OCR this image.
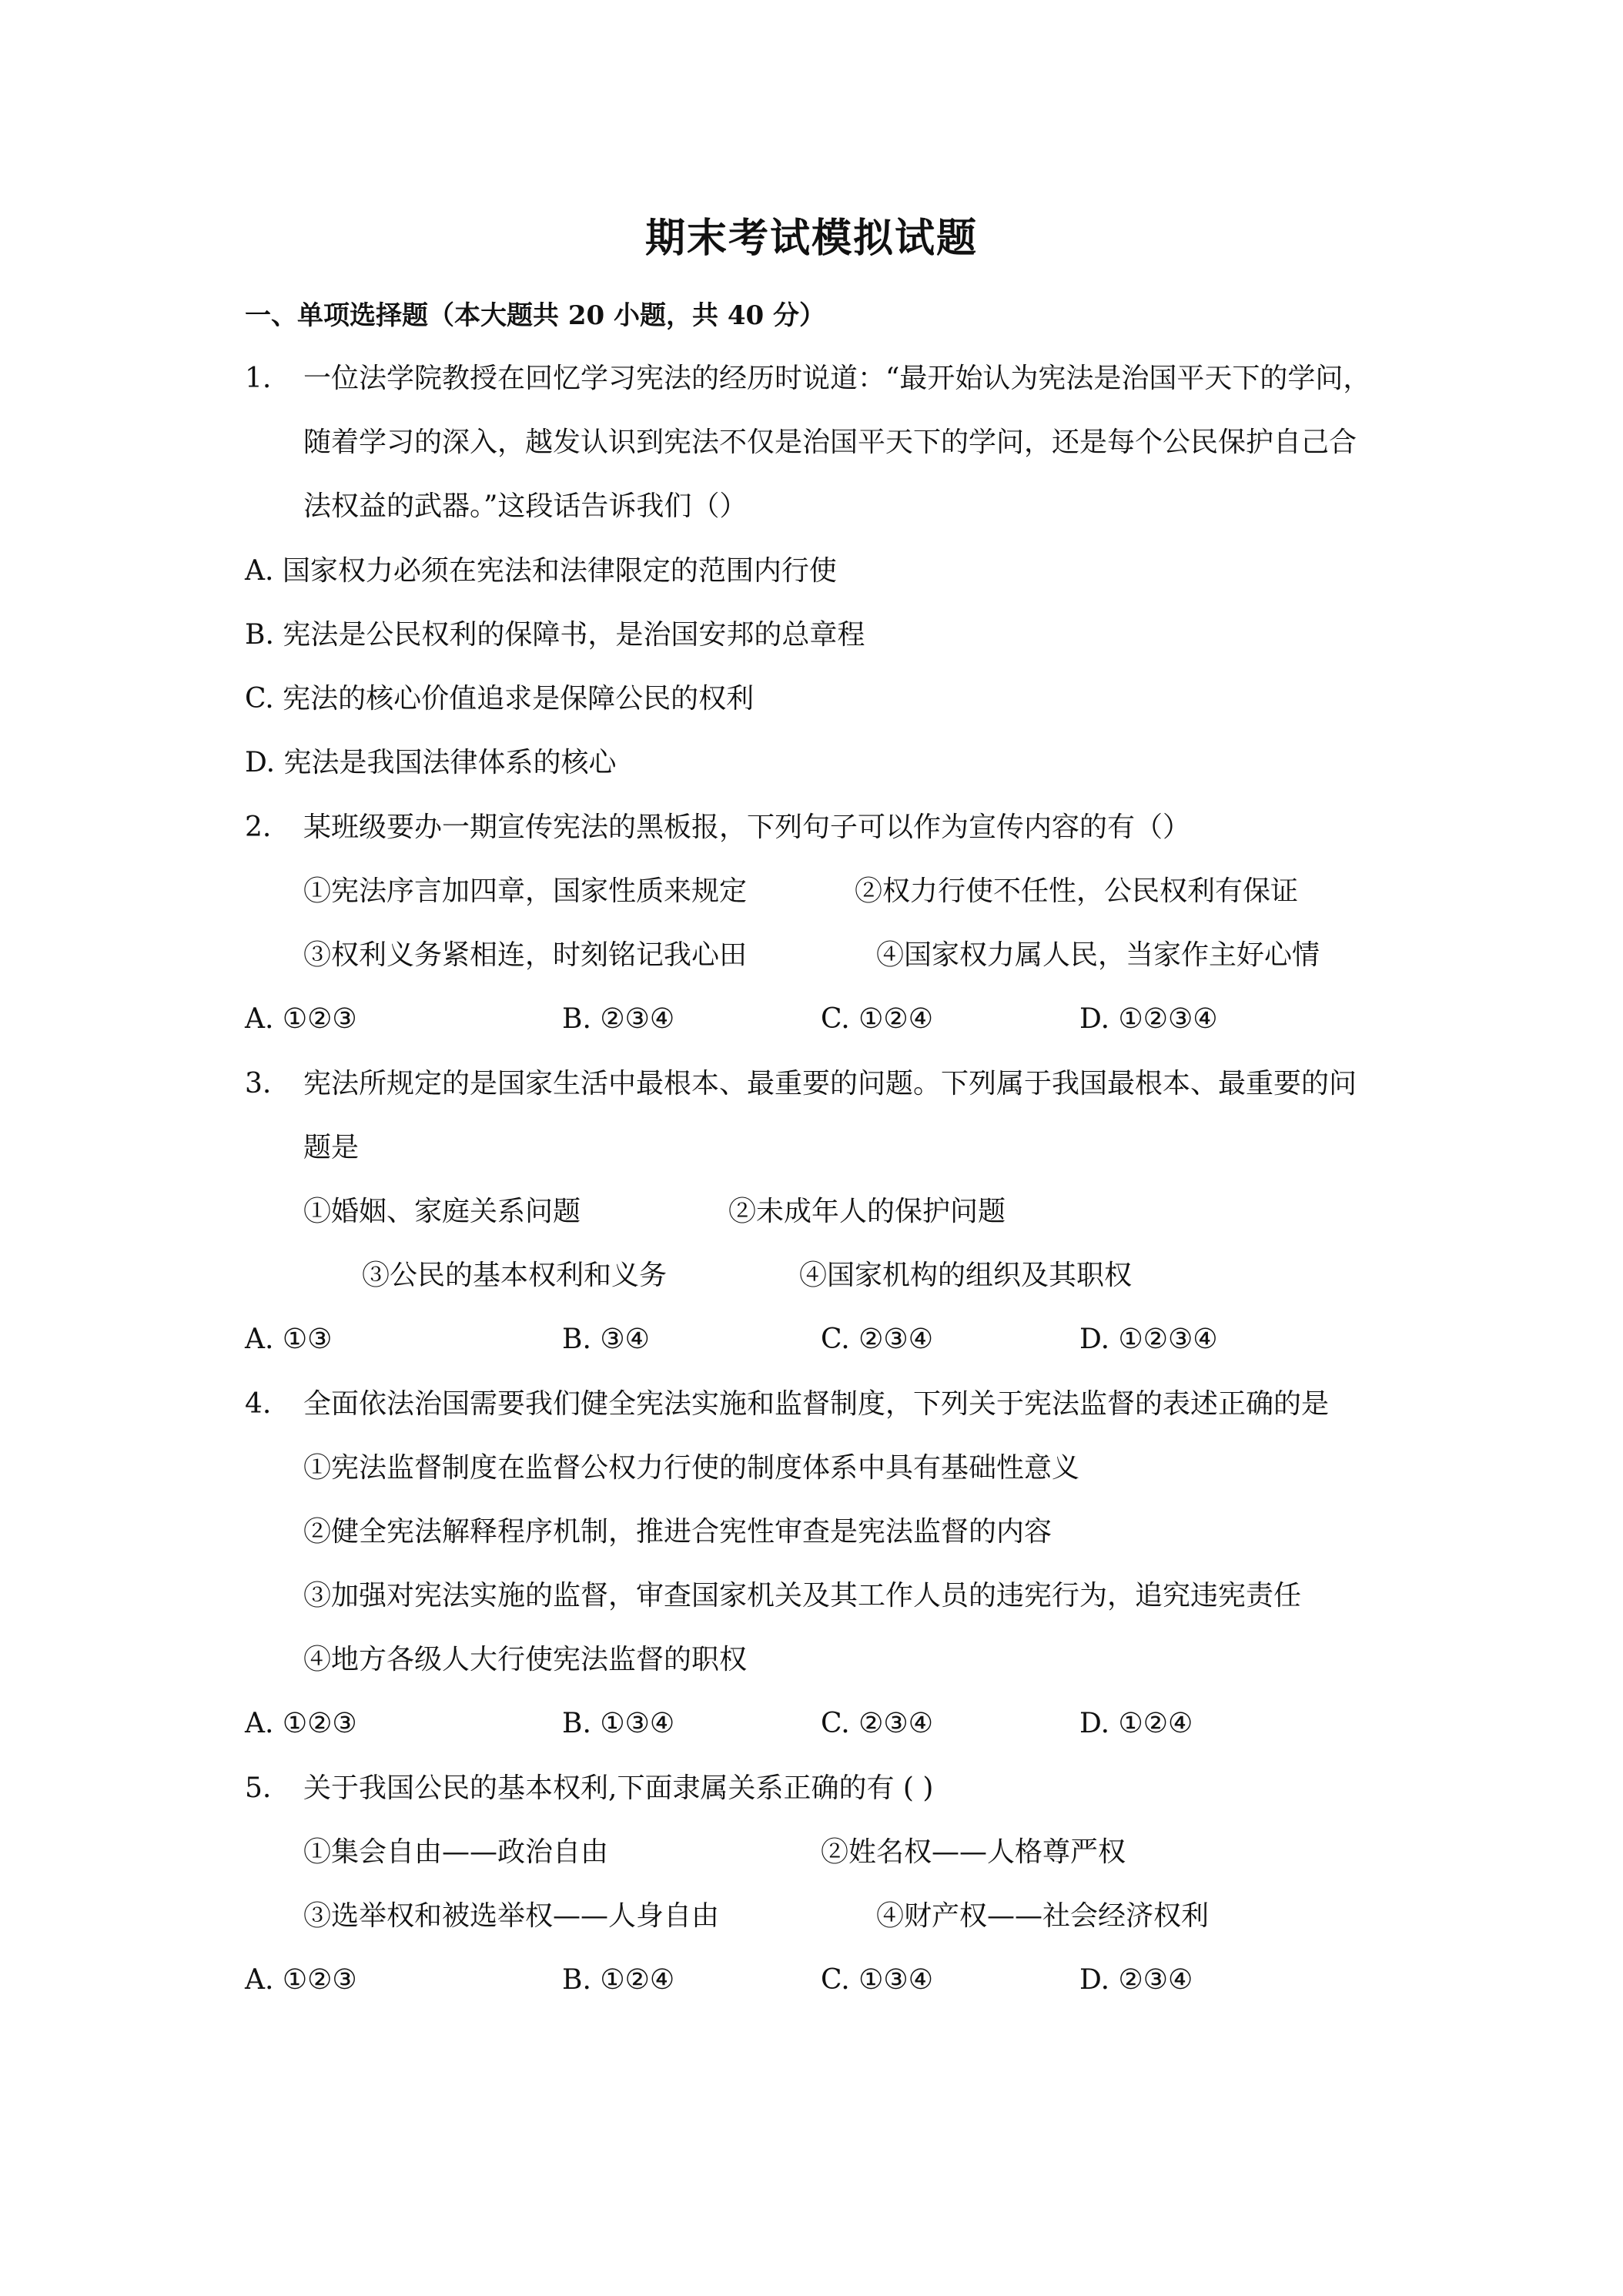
期末考试模拟试题
一、单项选择题（本大题共 20 小题，共 40 分）
1. 一位法学院教授在回忆学习宪法的经历时说道：“最开始认为宪法是治国平天下的学问，
随着学习的深入，越发认识到宪法不仅是治国平天下的学问，还是每个公民保护自己合
法权益的武器。”这段话告诉我们（）
A. 国家权力必须在宪法和法律限定的范围内行使
B. 宪法是公民权利的保障书，是治国安邦的总章程
C. 宪法的核心价值追求是保障公民的权利
D. 宪法是我国法律体系的核心
2. 某班级要办一期宣传宪法的黑板报，下列句子可以作为宣传内容的有（）
①宪法序言加四章，国家性质来规定	②权力行使不任性，公民权利有保证
③权利义务紧相连，时刻铭记我心田	④国家权力属人民，当家作主好心情
A. ①②③	B. ②③④	C. ①②④	D. ①②③④
3. 宪法所规定的是国家生活中最根本、最重要的问题。下列属于我国最根本、最重要的问
题是
①婚姻、家庭关系问题	②未成年人的保护问题
③公民的基本权利和义务	④国家机构的组织及其职权
A. ①③	B. ③④	C. ②③④	D. ①②③④
4. 全面依法治国需要我们健全宪法实施和监督制度，下列关于宪法监督的表述正确的是
①宪法监督制度在监督公权力行使的制度体系中具有基础性意义
②健全宪法解释程序机制，推进合宪性审查是宪法监督的内容
③加强对宪法实施的监督，审查国家机关及其工作人员的违宪行为，追究违宪责任
④地方各级人大行使宪法监督的职权
A. ①②③	B. ①③④	C. ②③④	D. ①②④
5. 关于我国公民的基本权利,下面隶属关系正确的有 ( )
①集会自由——政治自由	②姓名权——人格尊严权
③选举权和被选举权——人身自由	④财产权——社会经济权利
A. ①②③	B. ①②④	C. ①③④	D. ②③④
